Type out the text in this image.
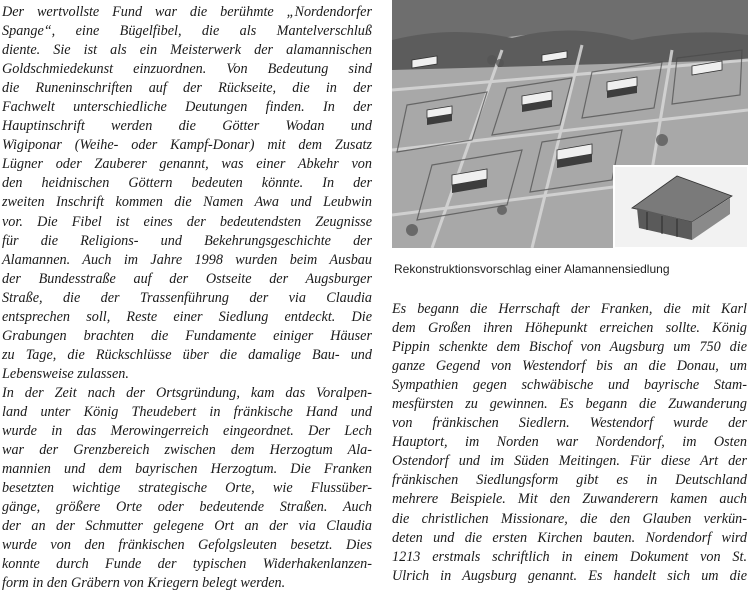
Der wertvollste Fund war die berühmte „Nordendorfer
Spange“, eine Bügelfibel, die als Mantelverschluß
diente. Sie ist als ein Meisterwerk der alamannischen
Goldschmiedekunst einzuordnen. Von Bedeutung sind
die Runeninschriften auf der Rückseite, die in der
Fachwelt unterschiedliche Deutungen finden. In der
Hauptinschrift werden die Götter Wodan und
Wigiponar (Weihe- oder Kampf-Donar) mit dem Zusatz
Lügner oder Zauberer genannt, was einer Abkehr von
den heidnischen Göttern bedeuten könnte. In der
zweiten Inschrift kommen die Namen Awa und Leubwin
vor. Die Fibel ist eines der bedeutendsten Zeugnisse
für die Religions- und Bekehrungsgeschichte der
Alamannen. Auch im Jahre 1998 wurden beim Ausbau
der Bundesstraße auf der Ostseite der Augsburger
Straße, die der Trassenführung der via Claudia
entsprechen soll, Reste einer Siedlung entdeckt. Die
Grabungen brachten die Fundamente einiger Häuser
zu Tage, die Rückschlüsse über die damalige Bau- und
Lebensweise zulassen.
In der Zeit nach der Ortsgründung, kam das Voralpen-
land unter König Theudebert in fränkische Hand und
wurde in das Merowingerreich eingeordnet. Der Lech
war der Grenzbereich zwischen dem Herzogtum Ala-
mannien und dem bayrischen Herzogtum. Die Franken
besetzten wichtige strategische Orte, wie Flussüber-
gänge, größere Orte oder bedeutende Straßen. Auch
der an der Schmutter gelegene Ort an der via Claudia
wurde von den fränkischen Gefolgsleuten besetzt. Dies
konnte durch Funde der typischen Widerhakenlanzen-
form in den Gräbern von Kriegern belegt werden.
Rekonstruktionsvorschlag einer Alamannensiedlung
Es begann die Herrschaft der Franken, die mit Karl
dem Großen ihren Höhepunkt erreichen sollte. König
Pippin schenkte dem Bischof von Augsburg um 750 die
ganze Gegend von Westendorf bis an die Donau, um
Sympathien gegen schwäbische und bayrische Stam-
mesfürsten zu gewinnen. Es begann die Zuwanderung
von fränkischen Siedlern. Westendorf wurde der
Hauptort, im Norden war Nordendorf, im Osten
Ostendorf und im Süden Meitingen. Für diese Art der
fränkischen Siedlungsform gibt es in Deutschland
mehrere Beispiele. Mit den Zuwanderern kamen auch
die christlichen Missionare, die den Glauben verkün-
deten und die ersten Kirchen bauten. Nordendorf wird
1213 erstmals schriftlich in einem Dokument von St.
Ulrich in Augsburg genannt. Es handelt sich um die
